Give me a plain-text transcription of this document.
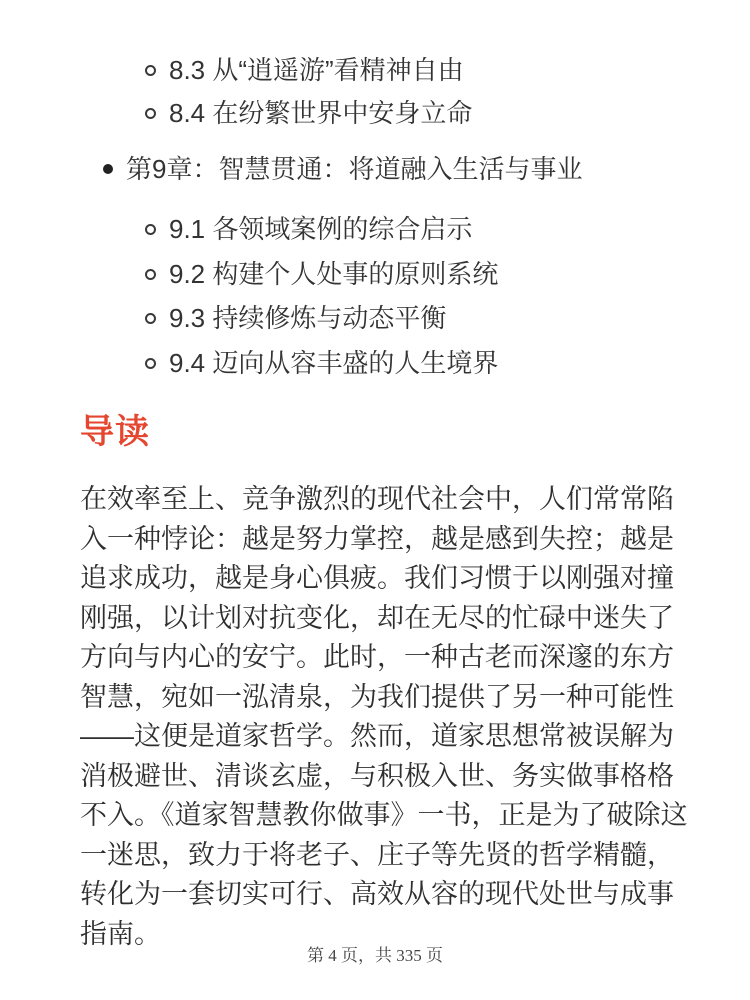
8.3 从“逍遥游”看精神自由
8.4 在纷繁世界中安身立命
第9章：智慧贯通：将道融入生活与事业
9.1 各领域案例的综合启示
9.2 构建个人处事的原则系统
9.3 持续修炼与动态平衡
9.4 迈向从容丰盛的人生境界
导读

在效率至上、竞争激烈的现代社会中，人们常常陷入一种悖论：越是努力掌控，越是感到失控；越是追求成功，越是身心俱疲。我们习惯于以刚强对撞刚强，以计划对抗变化，却在无尽的忙碌中迷失了方向与内心的安宁。此时，一种古老而深邃的东方智慧，宛如一泓清泉，为我们提供了另一种可能性——这便是道家哲学。然而，道家思想常被误解为消极避世、清谈玄虚，与积极入世、务实做事格格不入。《道家智慧教你做事》一书，正是为了破除这一迷思，致力于将老子、庄子等先贤的哲学精髓，转化为一套切实可行、高效从容的现代处世与成事指南。

第 4 页，共 335 页
